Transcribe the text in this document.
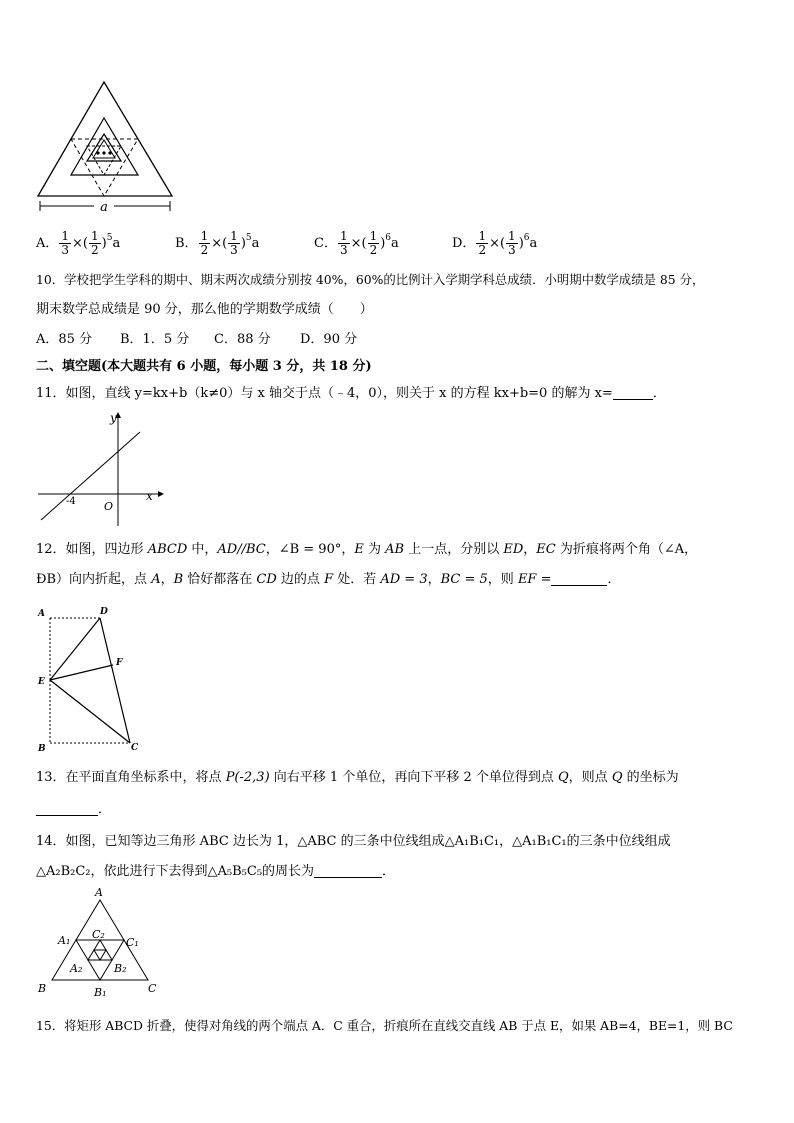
a
A． $\frac{1}{3}$ ×( $\frac{1}{2} )^5a$	B． $\frac{1}{2}$ ×( $\frac{1}{3} )^5a$	C． $\frac{1}{3}$ ×( $\frac{1}{2} )^6a$	D． $\frac{1}{2}$ ×( $\frac{1}{3} )^6a$
10．学校把学生学科的期中、期末两次成绩分别按 40%，60%的比例计入学期学科总成绩．小明期中数学成绩是 85 分，
期末数学总成绩是 90 分，那么他的学期数学成绩（　　）
A．85 分 B．1．5 分 C．88 分 D．90 分
二、填空题(本大题共有 6 小题，每小题 3 分，共 18 分)
11．如图，直线 y=kx+b（k≠0）与 x 轴交于点（﹣4，0），则关于 x 的方程 kx+b=0 的解为 x=	．
y
x
O
-4
12．如图，四边形 ABCD 中，AD//BC，∠B = 90°，E 为 AB 上一点，分别以 ED，EC 为折痕将两个角（∠A，
ÐB）向内折起，点 A，B 恰好都落在 CD 边的点 F 处．若 AD = 3，BC = 5，则 EF =	．
A	D
F
E
B	C
13．在平面直角坐标系中，将点 P(-2,3) 向右平移 1 个单位，再向下平移 2 个单位得到点 Q，则点 Q 的坐标为
．
14．如图，已知等边三角形 ABC 边长为 1，△ABC 的三条中位线组成△A₁B₁C₁，△A₁B₁C₁的三条中位线组成
△A₂B₂C₂，依此进行下去得到△A₅B₅C₅的周长为	．
A
B	C
A₁	C₁
B₁
C₂
A₂	B₂
15．将矩形 ABCD 折叠，使得对角线的两个端点 A．C 重合，折痕所在直线交直线 AB 于点 E，如果 AB=4，BE=1，则 BC
